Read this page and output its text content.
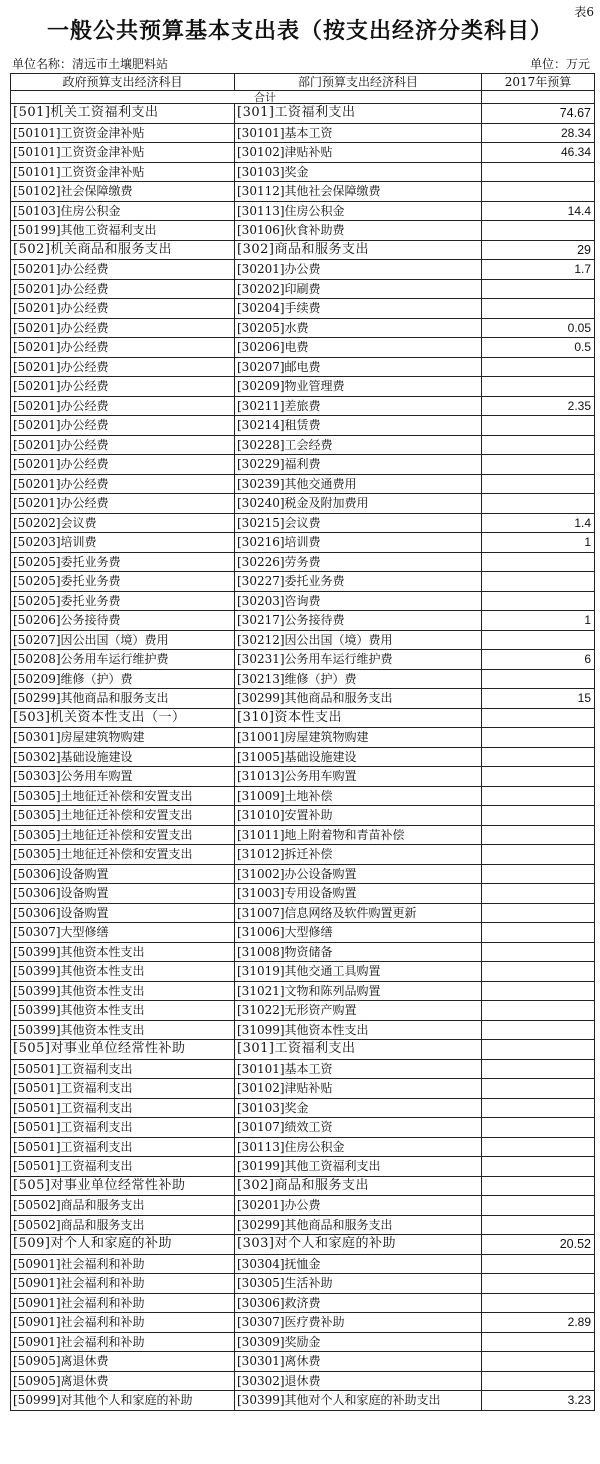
表6
一般公共预算基本支出表（按支出经济分类科目）
单位名称：清远市土壤肥料站	单位：万元
政府预算支出经济科目	部门预算支出经济科目	2017年预算
合计		
[501]机关工资福利支出	[301]工资福利支出	74.67
[50101]工资资金津补贴	[30101]基本工资	28.34
[50101]工资资金津补贴	[30102]津贴补贴	46.34
[50101]工资资金津补贴	[30103]奖金	
[50102]社会保障缴费	[30112]其他社会保障缴费	
[50103]住房公积金	[30113]住房公积金	14.4
[50199]其他工资福利支出	[30106]伙食补助费	
[502]机关商品和服务支出	[302]商品和服务支出	29
[50201]办公经费	[30201]办公费	1.7
[50201]办公经费	[30202]印刷费	
[50201]办公经费	[30204]手续费	
[50201]办公经费	[30205]水费	0.05
[50201]办公经费	[30206]电费	0.5
[50201]办公经费	[30207]邮电费	
[50201]办公经费	[30209]物业管理费	
[50201]办公经费	[30211]差旅费	2.35
[50201]办公经费	[30214]租赁费	
[50201]办公经费	[30228]工会经费	
[50201]办公经费	[30229]福利费	
[50201]办公经费	[30239]其他交通费用	
[50201]办公经费	[30240]税金及附加费用	
[50202]会议费	[30215]会议费	1.4
[50203]培训费	[30216]培训费	1
[50205]委托业务费	[30226]劳务费	
[50205]委托业务费	[30227]委托业务费	
[50205]委托业务费	[30203]咨询费	
[50206]公务接待费	[30217]公务接待费	1
[50207]因公出国（境）费用	[30212]因公出国（境）费用	
[50208]公务用车运行维护费	[30231]公务用车运行维护费	6
[50209]维修（护）费	[30213]维修（护）费	
[50299]其他商品和服务支出	[30299]其他商品和服务支出	15
[503]机关资本性支出（一）	[310]资本性支出	
[50301]房屋建筑物购建	[31001]房屋建筑物购建	
[50302]基础设施建设	[31005]基础设施建设	
[50303]公务用车购置	[31013]公务用车购置	
[50305]土地征迁补偿和安置支出	[31009]土地补偿	
[50305]土地征迁补偿和安置支出	[31010]安置补助	
[50305]土地征迁补偿和安置支出	[31011]地上附着物和青苗补偿	
[50305]土地征迁补偿和安置支出	[31012]拆迁补偿	
[50306]设备购置	[31002]办公设备购置	
[50306]设备购置	[31003]专用设备购置	
[50306]设备购置	[31007]信息网络及软件购置更新	
[50307]大型修缮	[31006]大型修缮	
[50399]其他资本性支出	[31008]物资储备	
[50399]其他资本性支出	[31019]其他交通工具购置	
[50399]其他资本性支出	[31021]文物和陈列品购置	
[50399]其他资本性支出	[31022]无形资产购置	
[50399]其他资本性支出	[31099]其他资本性支出	
[505]对事业单位经常性补助	[301]工资福利支出	
[50501]工资福利支出	[30101]基本工资	
[50501]工资福利支出	[30102]津贴补贴	
[50501]工资福利支出	[30103]奖金	
[50501]工资福利支出	[30107]绩效工资	
[50501]工资福利支出	[30113]住房公积金	
[50501]工资福利支出	[30199]其他工资福利支出	
[505]对事业单位经常性补助	[302]商品和服务支出	
[50502]商品和服务支出	[30201]办公费	
[50502]商品和服务支出	[30299]其他商品和服务支出	
[509]对个人和家庭的补助	[303]对个人和家庭的补助	20.52
[50901]社会福利和补助	[30304]抚恤金	
[50901]社会福利和补助	[30305]生活补助	
[50901]社会福利和补助	[30306]救济费	
[50901]社会福利和补助	[30307]医疗费补助	2.89
[50901]社会福利和补助	[30309]奖励金	
[50905]离退休费	[30301]离休费	
[50905]离退休费	[30302]退休费	
[50999]对其他个人和家庭的补助	[30399]其他对个人和家庭的补助支出	3.23
